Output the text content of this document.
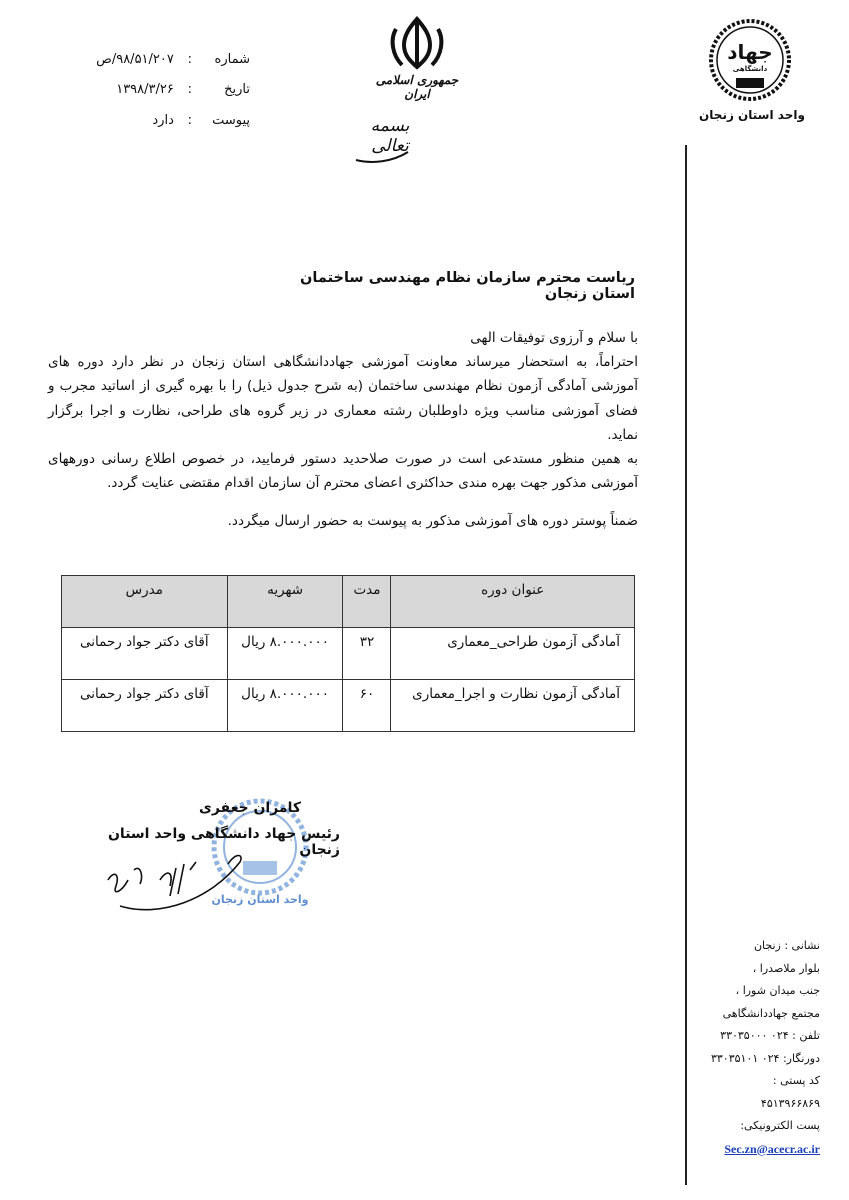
جهاد
دانشگاهی
واحد استان زنجان
جمهوری اسلامی ایران
بسمه تعالی
شماره: ۹۸/۵۱/۲۰۷/ص
تاریخ: ۱۳۹۸/۳/۲۶
پیوست: دارد
ریاست محترم سازمان نظام مهندسی ساختمان استان زنجان

با سلام و آرزوی توفیقات الهی

احتراماً، به استحضار میرساند معاونت آموزشی جهاددانشگاهی استان زنجان در نظر دارد دوره های آموزشی آمادگی آزمون نظام مهندسی ساختمان (به شرح جدول ذیل) را با بهره گیری از اساتید مجرب و فضای آموزشی مناسب ویژه داوطلبان رشته معماری در زیر گروه های طراحی، نظارت و اجرا برگزار نماید.

به همین منظور مستدعی است در صورت صلاحدید دستور فرمایید، در خصوص اطلاع رسانی دورههای آموزشی مذکور جهت بهره مندی حداکثری اعضای محترم آن سازمان اقدام مقتضی عنایت گردد.

ضمناً پوستر دوره های آموزشی مذکور به پیوست به حضور ارسال میگردد.

عنوان دوره	مدت	شهریه	مدرس
آمادگی آزمون طراحی_معماری	۳۲	۸.۰۰۰.۰۰۰ ریال	آقای دکتر جواد رحمانی
آمادگی آزمون نظارت و اجرا_معماری	۶۰	۸.۰۰۰.۰۰۰ ریال	آقای دکتر جواد رحمانی
واحد استان زنجان
کامران جعفری
رئیس جهاد دانشگاهی واحد استان زنجان
نشانی : زنجان
بلوار ملاصدرا ،
جنب میدان شورا ،
مجتمع جهاددانشگاهی
تلفن : ۰۲۴ ۳۳۰۳۵۰۰۰
دورنگار: ۰۲۴ ۳۳۰۳۵۱۰۱
کد پستی :
۴۵۱۳۹۶۶۸۶۹
پست الکترونیکی:
Sec.zn@acecr.ac.ir
